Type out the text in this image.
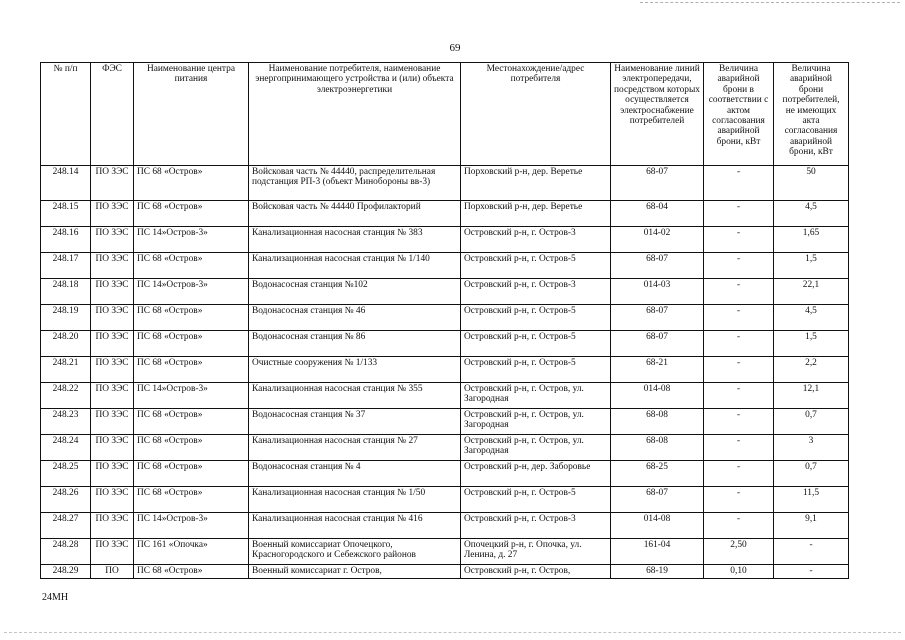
69
№ п/п	ФЭС	Наименование центра питания	Наименование потребителя, наименование энергопринимающего устройства и (или) объекта электроэнергетики	Местонахождение/адрес потребителя	Наименование линий электропередачи, посредством которых осуществляется электроснабжение потребителей	Величина аварийной брони в соответствии с актом согласования аварийной брони, кВт	Величина аварийной брони потребителей, не имеющих акта согласования аварийной брони, кВт
248.14	ПО ЗЭС	ПС 68 «Остров»	Войсковая часть № 44440, распределительная подстанция РП-3 (объект Минобороны вв-3)	Порховский р-н, дер. Веретье	68-07	-	50
248.15	ПО ЗЭС	ПС 68 «Остров»	Войсковая часть № 44440 Профилакторий	Порховский р-н, дер. Веретье	68-04	-	4,5
248.16	ПО ЗЭС	ПС 14»Остров-3»	Канализационная насосная станция № 383	Островский р-н, г. Остров-3	014-02	-	1,65
248.17	ПО ЗЭС	ПС 68 «Остров»	Канализационная насосная станция № 1/140	Островский р-н, г. Остров-5	68-07	-	1,5
248.18	ПО ЗЭС	ПС 14»Остров-3»	Водонасосная станция №102	Островский р-н, г. Остров-3	014-03	-	22,1
248.19	ПО ЗЭС	ПС 68 «Остров»	Водонасосная станция № 46	Островский р-н, г. Остров-5	68-07	-	4,5
248.20	ПО ЗЭС	ПС 68 «Остров»	Водонасосная станция № 86	Островский р-н, г. Остров-5	68-07	-	1,5
248.21	ПО ЗЭС	ПС 68 «Остров»	Очистные сооружения № 1/133	Островский р-н, г. Остров-5	68-21	-	2,2
248.22	ПО ЗЭС	ПС 14»Остров-3»	Канализационная насосная станция № 355	Островский р-н, г. Остров, ул. Загородная	014-08	-	12,1
248.23	ПО ЗЭС	ПС 68 «Остров»	Водонасосная станция № 37	Островский р-н, г. Остров, ул. Загородная	68-08	-	0,7
248.24	ПО ЗЭС	ПС 68 «Остров»	Канализационная насосная станция № 27	Островский р-н, г. Остров, ул. Загородная	68-08	-	3
248.25	ПО ЗЭС	ПС 68 «Остров»	Водонасосная станция № 4	Островский р-н, дер. Заборовье	68-25	-	0,7
248.26	ПО ЗЭС	ПС 68 «Остров»	Канализационная насосная станция № 1/50	Островский р-н, г. Остров-5	68-07	-	11,5
248.27	ПО ЗЭС	ПС 14»Остров-3»	Канализационная насосная станция № 416	Островский р-н, г. Остров-3	014-08	-	9,1
248.28	ПО ЗЭС	ПС 161 «Опочка»	Военный комиссариат Опочецкого, Красногородского и Себежского районов	Опочецкий р-н, г. Опочка, ул. Ленина, д. 27	161-04	2,50	-
248.29	ПО	ПС 68 «Остров»	Военный комиссариат г. Остров,	Островский р-н, г. Остров,	68-19	0,10	-
24МН
